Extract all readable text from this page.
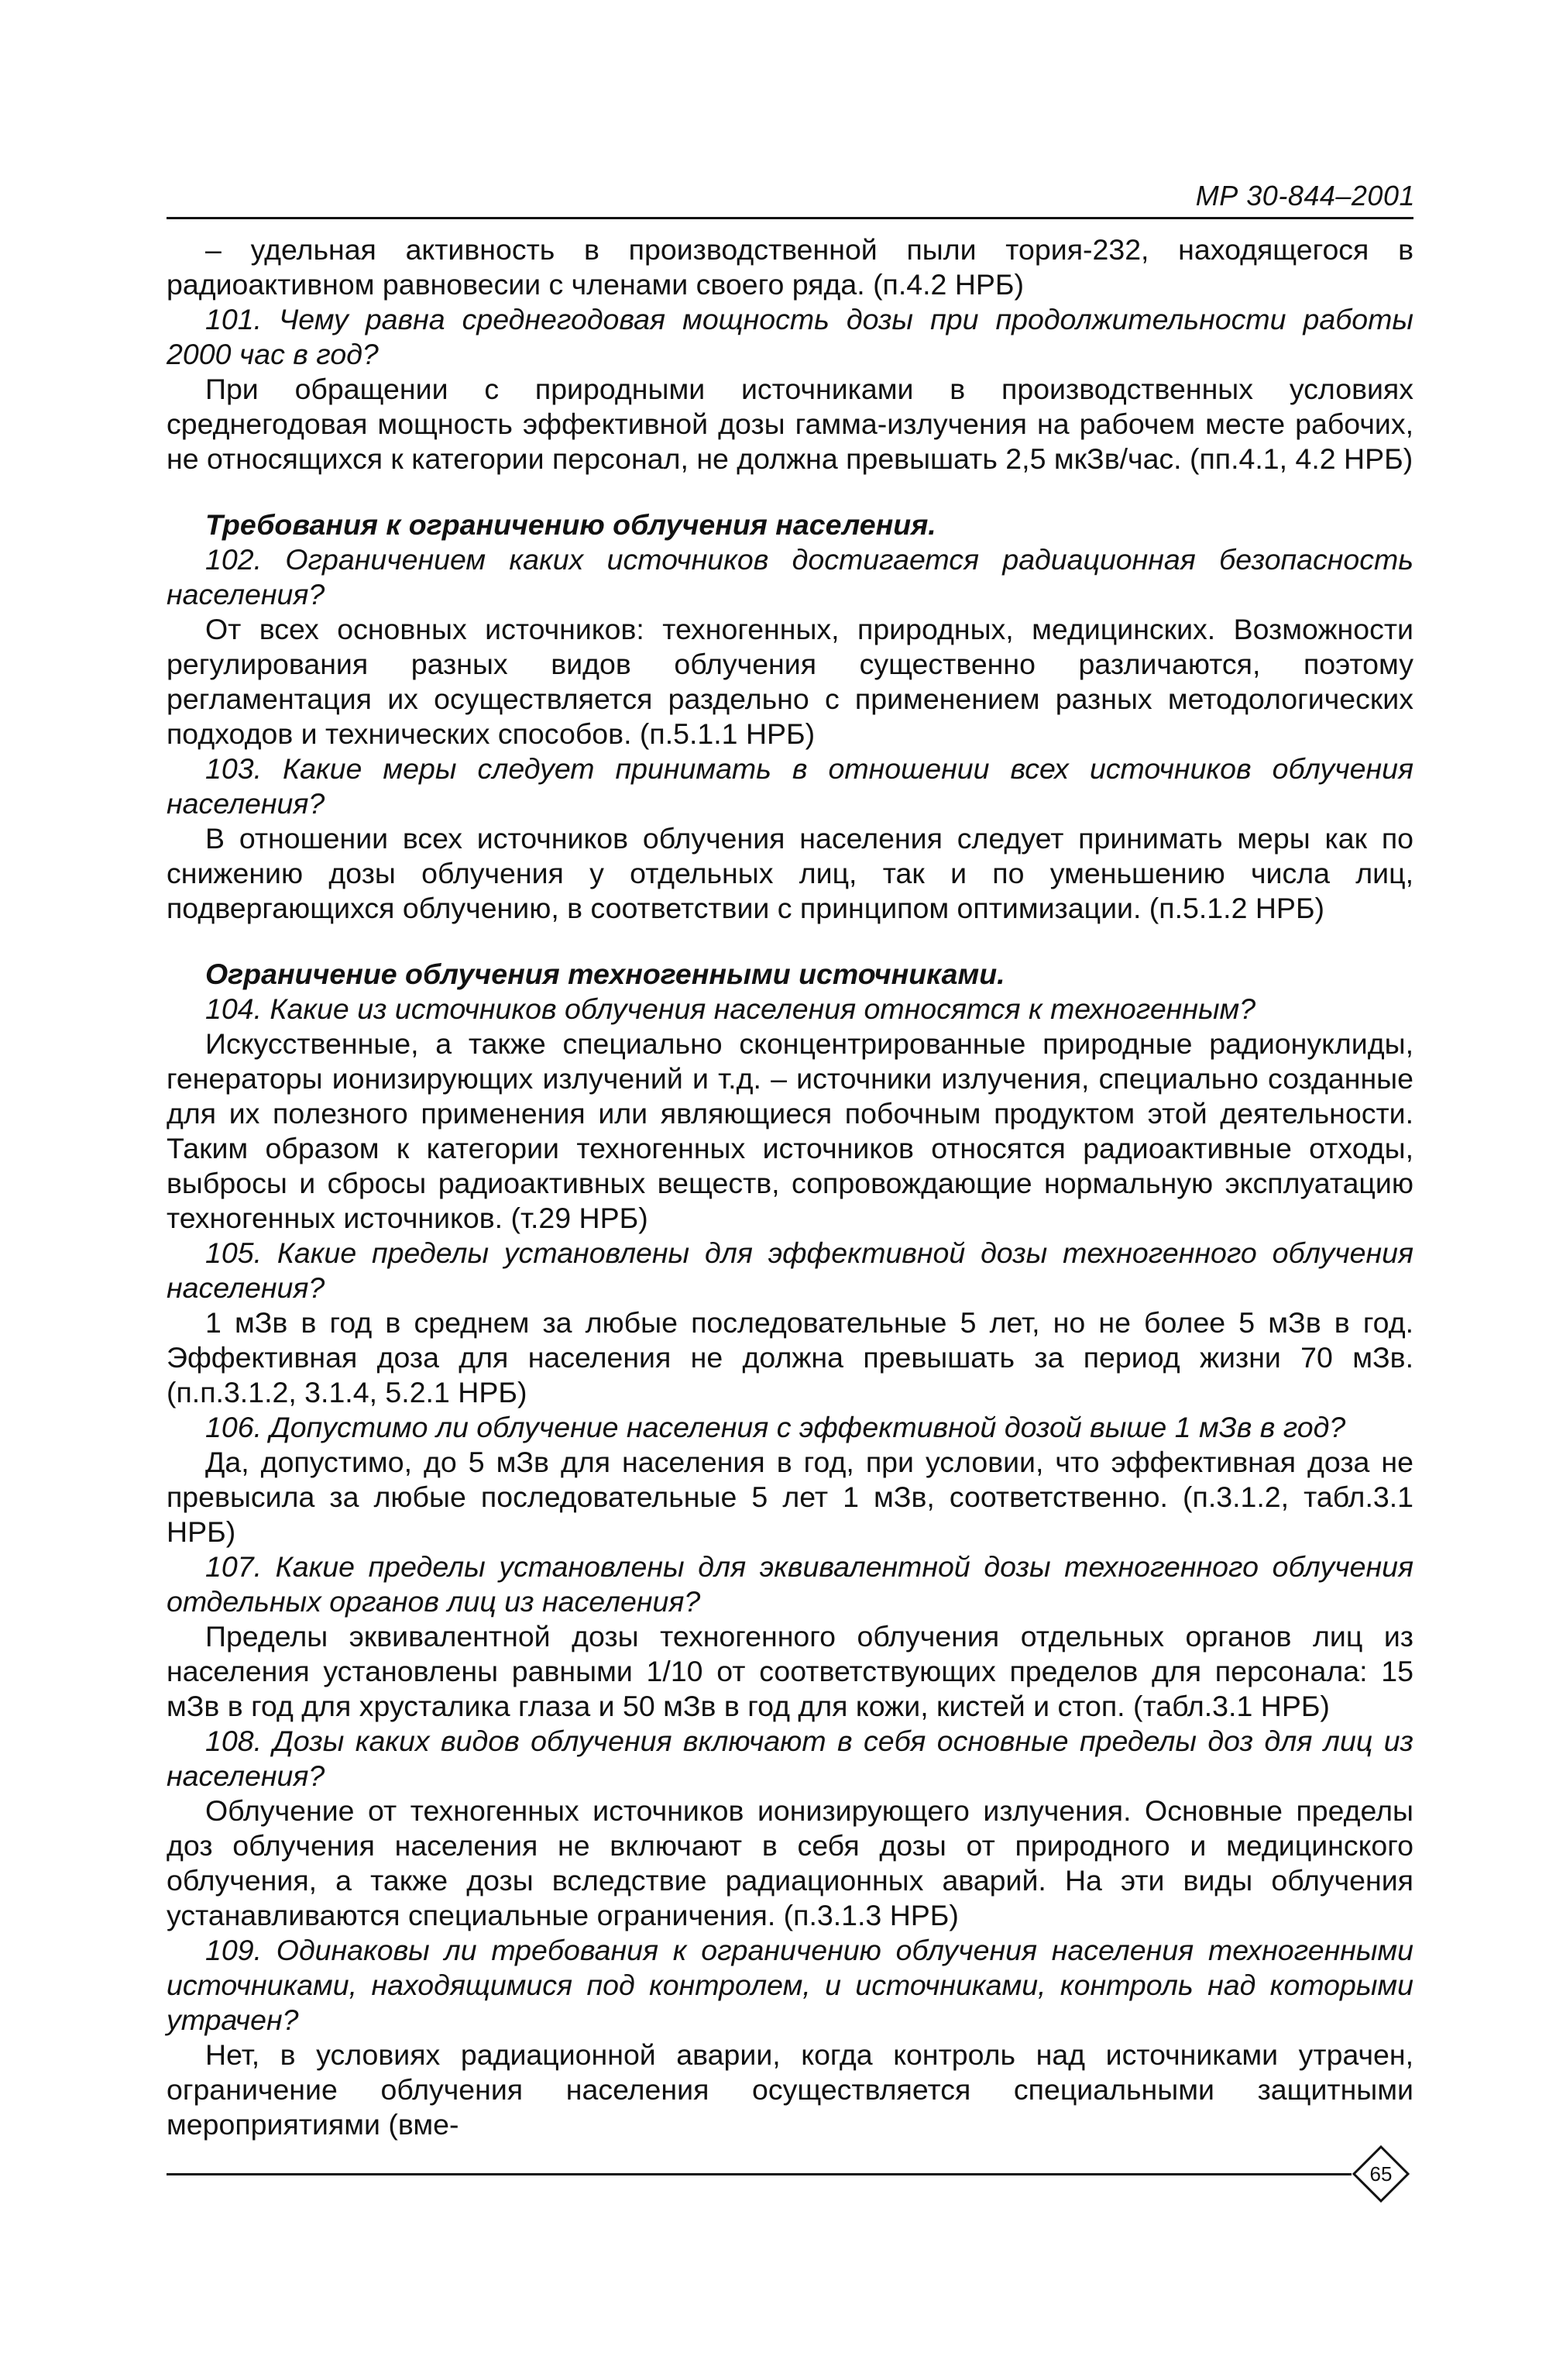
МР 30-844–2001

– удельная активность в производственной пыли тория-232, находящегося в радиоактивном равновесии с членами своего ряда. (п.4.2 НРБ)

101. Чему равна среднегодовая мощность дозы при продолжительности работы 2000 час в год?

При обращении с природными источниками в производственных условиях среднегодовая мощность эффективной дозы гамма-излучения на рабочем месте рабочих, не относящихся к категории персонал, не должна превышать 2,5 мкЗв/час. (пп.4.1, 4.2 НРБ)

Требования к ограничению облучения населения.

102. Ограничением каких источников достигается радиационная безопасность населения?

От всех основных источников: техногенных, природных, медицинских. Возможности регулирования разных видов облучения существенно различаются, поэтому регламентация их осуществляется раздельно с применением разных методологических подходов и технических способов. (п.5.1.1 НРБ)

103. Какие меры следует принимать в отношении всех источников облучения населения?

В отношении всех источников облучения населения следует принимать меры как по снижению дозы облучения у отдельных лиц, так и по уменьшению числа лиц, подвергающихся облучению, в соответствии с принципом оптимизации. (п.5.1.2 НРБ)

Ограничение облучения техногенными источниками.

104. Какие из источников облучения населения относятся к техногенным?

Искусственные, а также специально сконцентрированные природные радионуклиды, генераторы ионизирующих излучений и т.д. – источники излучения, специально созданные для их полезного применения или являющиеся побочным продуктом этой деятельности. Таким образом к категории техногенных источников относятся радиоактивные отходы, выбросы и сбросы радиоактивных веществ, сопровождающие нормальную эксплуатацию техногенных источников. (т.29 НРБ)

105. Какие пределы установлены для эффективной дозы техногенного облучения населения?

1 мЗв в год в среднем за любые последовательные 5 лет, но не более 5 мЗв в год. Эффективная доза для населения не должна превышать за период жизни 70 мЗв. (п.п.3.1.2, 3.1.4, 5.2.1 НРБ)

106. Допустимо ли облучение населения с эффективной дозой выше 1 мЗв в год?

Да, допустимо, до 5 мЗв для населения в год, при условии, что эффективная доза не превысила за любые последовательные 5 лет 1 мЗв, соответственно. (п.3.1.2, табл.3.1 НРБ)

107. Какие пределы установлены для эквивалентной дозы техногенного облучения отдельных органов лиц из населения?

Пределы эквивалентной дозы техногенного облучения отдельных органов лиц из населения установлены равными 1/10 от соответствующих пределов для персонала: 15 мЗв в год для хрусталика глаза и 50 мЗв в год для кожи, кистей и стоп. (табл.3.1 НРБ)

108. Дозы каких видов облучения включают в себя основные пределы доз для лиц из населения?

Облучение от техногенных источников ионизирующего излучения. Основные пределы доз облучения населения не включают в себя дозы от природного и медицинского облучения, а также дозы вследствие радиационных аварий. На эти виды облучения устанавливаются специальные ограничения. (п.3.1.3 НРБ)

109. Одинаковы ли требования к ограничению облучения населения техногенными источниками, находящимися под контролем, и источниками, контроль над которыми утрачен?

Нет, в условиях радиационной аварии, когда контроль над источниками утрачен, ограничение облучения населения осуществляется специальными защитными мероприятиями (вме-

65
